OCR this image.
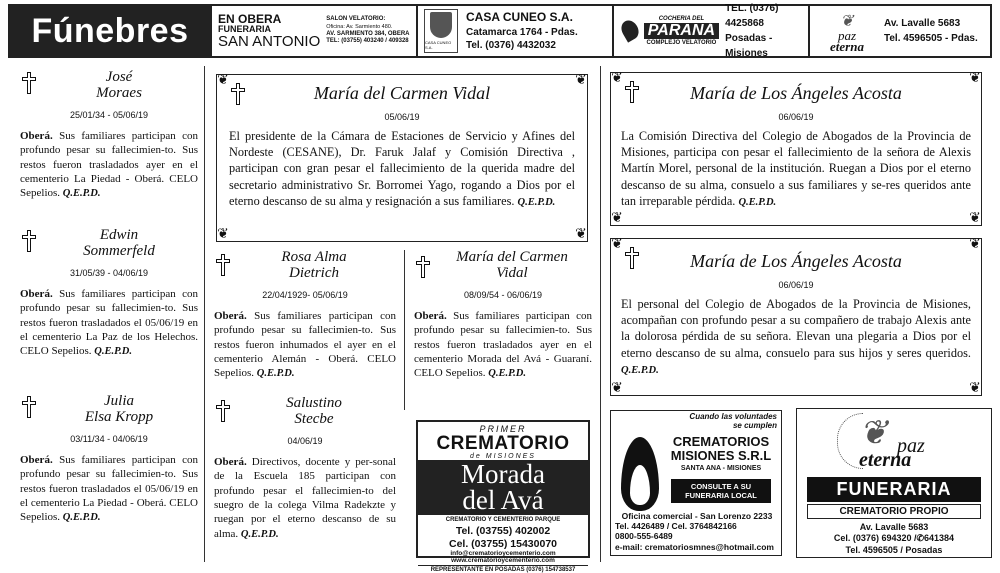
Fúnebres	EN OBERA
FUNERARIA
SAN ANTONIO
SALON VELATORIO:
Oficina: Av. Sarmiento 480.
AV. SARMIENTO 384, OBERA
TEL: (03755) 403240 / 409328	CASA CUNEO S.A.
CASA CUNEO S.A.
Catamarca 1764 - Pdas.
Tel. (0376) 4432032
COCHERIA DEL
PARANÁ
COMPLEJO VELATORIO
TEL. (0376) 4425868
Posadas - Misiones
❦
paz
eterna
Av. Lavalle 5683
Tel. 4596505 - Pdas.
José
Moraes
25/01/34 - 05/06/19
Oberá. Sus familiares participan con profundo pesar su fallecimien-to. Sus restos fueron trasladados ayer en el cementerio La Piedad - Oberá. CELO Sepelios. Q.E.P.D.
Edwin
Sommerfeld
31/05/39 - 04/06/19
Oberá. Sus familiares participan con profundo pesar su fallecimien-to. Sus restos fueron trasladados el 05/06/19 en el cementerio La Paz de los Helechos. CELO Sepelios. Q.E.P.D.
Julia
Elsa Kropp
03/11/34 - 04/06/19
Oberá. Sus familiares participan con profundo pesar su fallecimien-to. Sus restos fueron trasladados el 05/06/19 en el cementerio La Piedad - Oberá. CELO Sepelios. Q.E.P.D.
❦	❦
❦	❦
María del Carmen Vidal
05/06/19
El presidente de la Cámara de Estaciones de Servicio y Afines del Nordeste (CESANE), Dr. Faruk Jalaf y Comisión Directiva , participan con gran pesar el fallecimiento de la querida madre del secretario administrativo Sr. Borromei Yago, rogando a Dios por el eterno descanso de su alma y resignación a sus familiares. Q.E.P.D.
Rosa Alma
Dietrich
22/04/1929- 05/06/19
Oberá. Sus familiares participan con profundo pesar su fallecimien-to. Sus restos fueron inhumados el ayer en el cementerio Alemán - Oberá. CELO Sepelios. Q.E.P.D.
Salustino
Stecbe
04/06/19
Oberá. Directivos, docente y per-sonal de la Escuela 185 participan con profundo pesar el fallecimien-to del suegro de la colega Vilma Radekzte y ruegan por el eterno descanso de su alma. Q.E.P.D.
María del Carmen
Vidal
08/09/54 - 06/06/19
Oberá. Sus familiares participan con profundo pesar su fallecimien-to. Sus restos fueron trasladados ayer en el cementerio Morada del Avá - Guaraní. CELO Sepelios. Q.E.P.D.
❦	❦
❦	❦
María de Los Ángeles Acosta
06/06/19
La Comisión Directiva del Colegio de Abogados de la Provincia de Misiones, participa con pesar el fallecimiento de la señora de Alexis Martín Morel, personal de la institución. Ruegan a Dios por el eterno descanso de su alma, consuelo a sus familiares y se-res queridos ante tan irreparable pérdida. Q.E.P.D.
❦	❦
❦	❦
María de Los Ángeles Acosta
06/06/19
El personal del Colegio de Abogados de la Provincia de Misiones, acompañan con profundo pesar a su compañero de trabajo Alexis ante la dolorosa pérdida de su señora. Elevan una plegaria a Dios por el eterno descanso de su alma, consuelo para sus hijos y seres queridos. Q.E.P.D.
PRIMER
CREMATORIO
de MISIONES
Morada
del Avá
CREMATORIO Y CEMENTERIO PARQUE
Tel. (03755) 402002
Cel. (03755) 15430070
info@crematorioycementerio.com
www.crematorioycementerio.com
REPRESENTANTE EN POSADAS (0376) 154738537
Cuando las voluntades
se cumplen
CREMATORIOS
MISIONES S.R.L
SANTA ANA - MISIONES
CONSULTE A SU
FUNERARIA LOCAL
Oficina comercial - San Lorenzo 2233
Tel. 4426489 / Cel. 3764842166
0800-555-6489
e-mail: crematoriosmnes@hotmail.com
❦ paz
eterna
FUNERARIA
CREMATORIO PROPIO
Av. Lavalle 5683
Cel. (0376) 694320 /✆641384
Tel. 4596505 / Posadas
